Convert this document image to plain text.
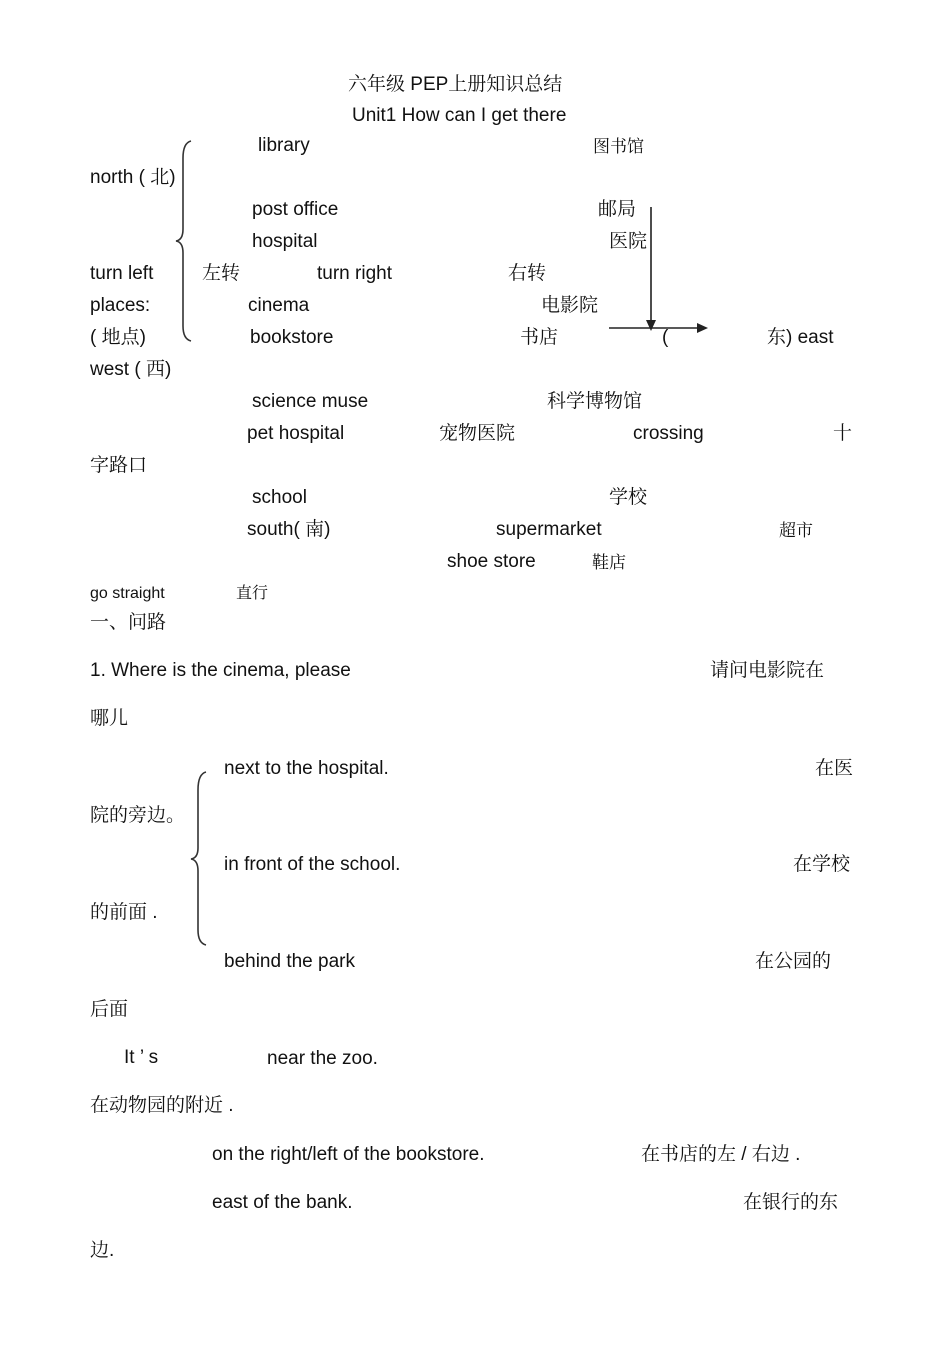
六年级 PEP上册知识总结
Unit1 How can I get there
library	图书馆
north ( 北)
post office	邮局
hospital	医院
turn left	左转	turn right	右转
places:	cinema	电影院
( 地点)	bookstore	书店	(	东) east
west ( 西)
science muse	科学博物馆
pet hospital	宠物医院	crossing	十
字路口
school	学校
south( 南)	supermarket	超市
shoe store	鞋店
go straight	直行
一、问路
1. Where is the cinema, please	请问电影院在
哪儿
next to the hospital.	在医
院的旁边。
in front of the school.	在学校
的前面 .
behind the park	在公园的
后面
It ’ s	near the zoo.
在动物园的附近 .
on the right/left of the bookstore.	在书店的左 / 右边 .
east of the bank.	在银行的东
边.
